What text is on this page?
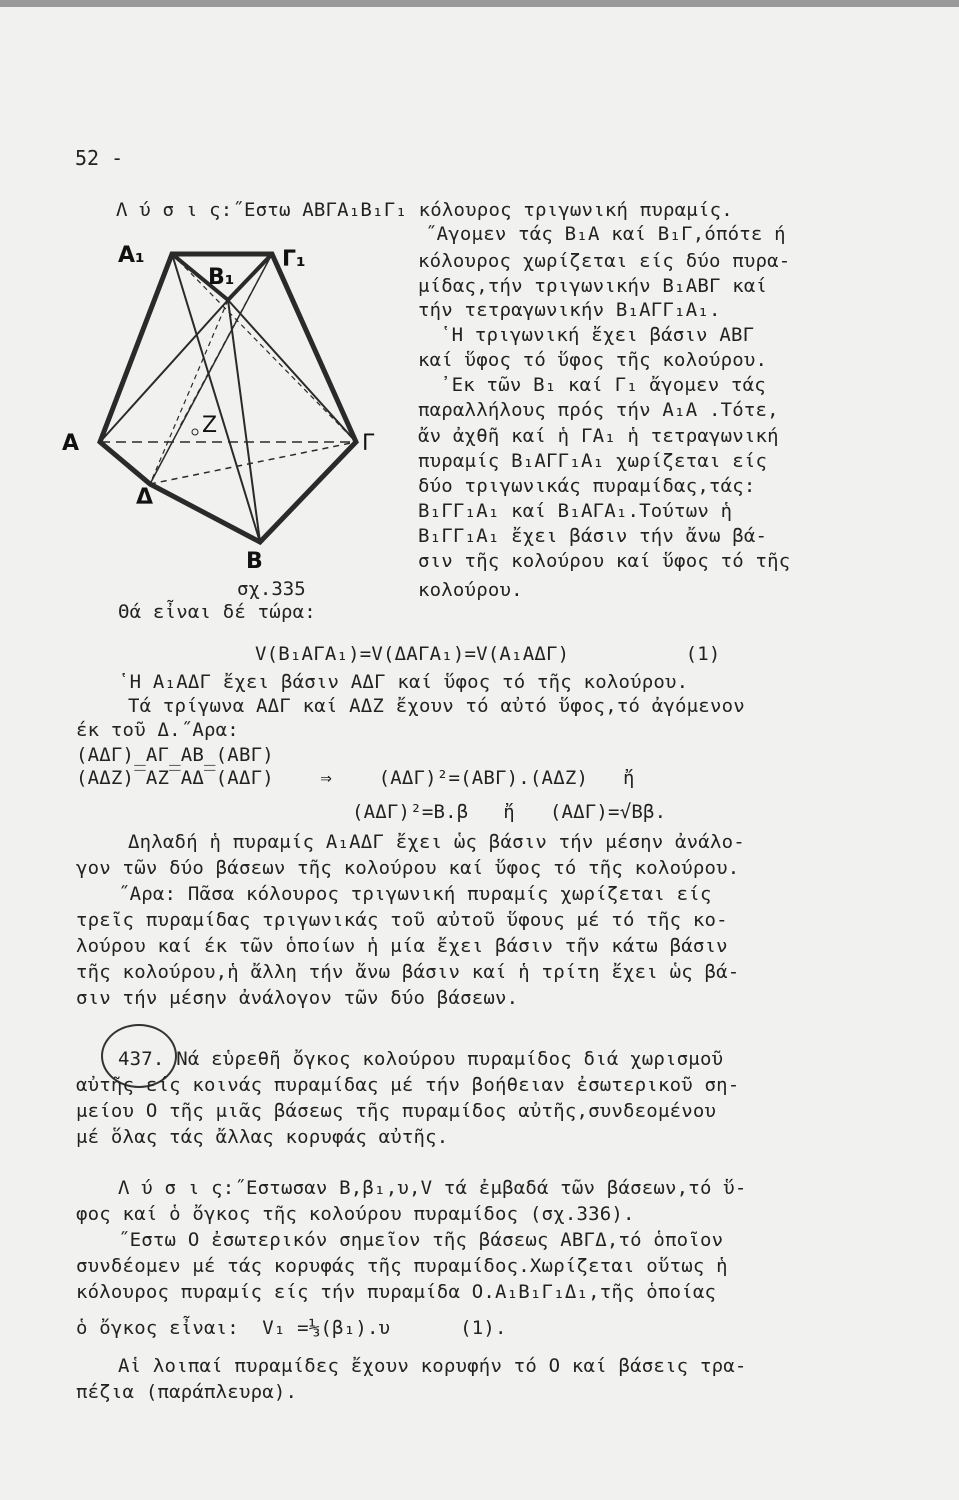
52 -
A₁	Γ₁
B₁
A	Γ
Z
Δ
B
σχ.335
Λ ύ σ ι ς:˝Εστω ΑΒΓΑ₁Β₁Γ₁ κόλουρος τριγωνική πυραμίς.
˝Αγομεν τάς Β₁Α καί Β₁Γ,όπότε ή
κόλουρος χωρίζεται είς δύο πυρα-
μίδας,τήν τριγωνικήν Β₁ΑΒΓ καί
τήν τετραγωνικήν Β₁ΑΓΓ₁Α₁.
῾Η τριγωνική ἔχει βάσιν ΑΒΓ
καί ὕφος τό ὕφος τῆς κολούρου.
᾿Εκ τῶν Β₁ καί Γ₁ ἄγομεν τάς
παραλλήλους πρός τήν Α₁Α .Τότε,
ἄν ἀχθῆ καί ἡ ΓΑ₁ ἡ τετραγωνική
πυραμίς Β₁ΑΓΓ₁Α₁ χωρίζεται είς
δύο τριγωνικάς πυραμίδας,τάς:
Β₁ΓΓ₁Α₁ καί Β₁ΑΓΑ₁.Τούτων ἡ
Β₁ΓΓ₁Α₁ ἔχει βάσιν τήν ἄνω βά-
σιν τῆς κολούρου καί ὕφος τό τῆς
κολούρου.
Θά εἶναι δέ τώρα:
V(Β₁ΑΓΑ₁)=V(ΔΑΓΑ₁)=V(Α₁ΑΔΓ)          (1)
῾Η Α₁ΑΔΓ ἔχει βάσιν ΑΔΓ καί ὕφος τό τῆς κολούρου.
Τά τρίγωνα ΑΔΓ καί ΑΔΖ ἔχουν τό αὐτό ὕφος,τό ἀγόμενον
έκ τοῦ Δ.˝Αρα:
(ΑΔΓ)_ΑΓ_ΑΒ_(ΑΒΓ)
(ΑΔΖ)‾ΑΖ‾ΑΔ‾(ΑΔΓ)    ⇒    (ΑΔΓ)²=(ΑΒΓ).(ΑΔΖ)   ἤ
(ΑΔΓ)²=Β.β   ἤ   (ΑΔΓ)=√Ββ.
Δηλαδή ἡ πυραμίς Α₁ΑΔΓ ἔχει ὡς βάσιν τήν μέσην ἀνάλο-
γον τῶν δύο βάσεων τῆς κολούρου καί ὕφος τό τῆς κολούρου.
˝Αρα: Πᾶσα κόλουρος τριγωνική πυραμίς χωρίζεται είς
τρεῖς πυραμίδας τριγωνικάς τοῦ αὐτοῦ ὕφους μέ τό τῆς κο-
λούρου καί έκ τῶν ὁποίων ἡ μία ἔχει βάσιν τῆν κάτω βάσιν
τῆς κολούρου,ἡ ἄλλη τήν ἄνω βάσιν καί ἡ τρίτη ἔχει ὡς βά-
σιν τήν μέσην ἀνάλογον τῶν δύο βάσεων.
437. Νά εὑρεθῆ ὄγκος κολούρου πυραμίδος διά χωρισμοῦ
αὐτῆς είς κοινάς πυραμίδας μέ τήν βοήθειαν ἐσωτερικοῦ ση-
μείου Ο τῆς μιᾶς βάσεως τῆς πυραμίδος αὐτῆς,συνδεομένου
μέ ὅλας τάς ἄλλας κορυφάς αὐτῆς.
Λ ύ σ ι ς:˝Εστωσαν Β,β₁,υ,V τά ἐμβαδά τῶν βάσεων,τό ὕ-
φος καί ὁ ὄγκος τῆς κολούρου πυραμίδος (σχ.336).
˝Εστω Ο ἐσωτερικόν σημεῖον τῆς βάσεως ΑΒΓΔ,τό ὁποῖον
συνδέομεν μέ τάς κορυφάς τῆς πυραμίδος.Χωρίζεται οὕτως ἡ
κόλουρος πυραμίς είς τήν πυραμίδα Ο.Α₁Β₁Γ₁Δ₁,τῆς ὁποίας
ὁ ὄγκος εἶναι:  V₁ =⅓(β₁).υ      (1).
Αἱ λοιπαί πυραμίδες ἔχουν κορυφήν τό Ο καί βάσεις τρα-
πέζια (παράπλευρα).
